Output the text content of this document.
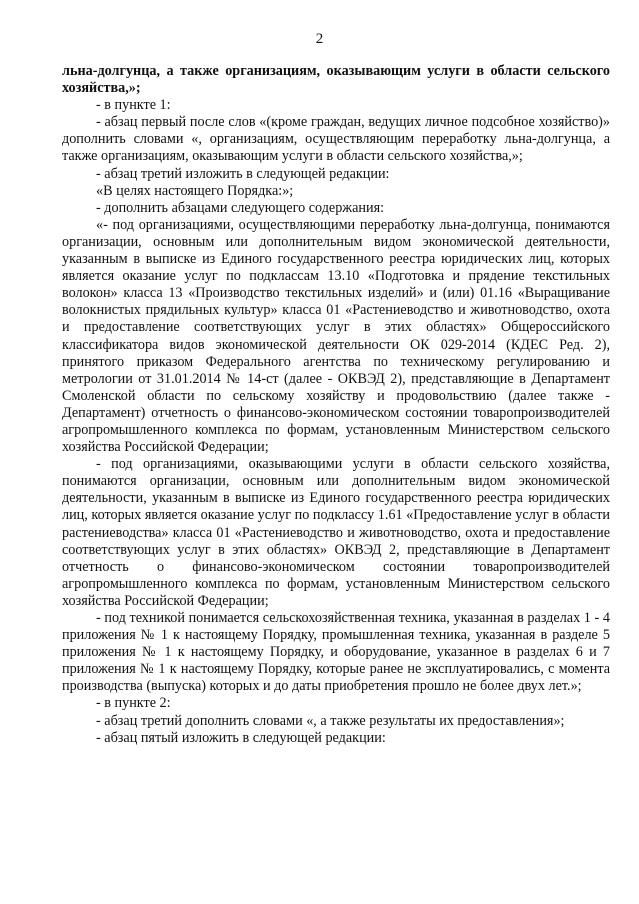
2

льна-долгунца, а также организациям, оказывающим услуги в области сельского хозяйства,»;

- в пункте 1:

- абзац первый после слов «(кроме граждан, ведущих личное подсобное хозяйство)» дополнить словами «, организациям, осуществляющим переработку льна-долгунца, а также организациям, оказывающим услуги в области сельского хозяйства,»;

- абзац третий изложить в следующей редакции:

«В целях настоящего Порядка:»;

- дополнить абзацами следующего содержания:

«- под организациями, осуществляющими переработку льна-долгунца, понимаются организации, основным или дополнительным видом экономической деятельности, указанным в выписке из Единого государственного реестра юридических лиц, которых является оказание услуг по подклассам 13.10 «Подготовка и прядение текстильных волокон» класса 13 «Производство текстильных изделий» и (или) 01.16 «Выращивание волокнистых прядильных культур» класса 01 «Растениеводство и животноводство, охота и предоставление соответствующих услуг в этих областях» Общероссийского классификатора видов экономической деятельности ОК 029-2014 (КДЕС Ред. 2), принятого приказом Федерального агентства по техническому регулированию и метрологии от 31.01.2014 № 14-ст (далее - ОКВЭД 2), представляющие в Департамент Смоленской области по сельскому хозяйству и продовольствию (далее также - Департамент) отчетность о финансово-экономическом состоянии товаропроизводителей агропромышленного комплекса по формам, установленным Министерством сельского хозяйства Российской Федерации;

- под организациями, оказывающими услуги в области сельского хозяйства, понимаются организации, основным или дополнительным видом экономической деятельности, указанным в выписке из Единого государственного реестра юридических лиц, которых является оказание услуг по подклассу 1.61 «Предоставление услуг в области растениеводства» класса 01 «Растениеводство и животноводство, охота и предоставление соответствующих услуг в этих областях» ОКВЭД 2, представляющие в Департамент отчетность о финансово-экономическом состоянии товаропроизводителей агропромышленного комплекса по формам, установленным Министерством сельского хозяйства Российской Федерации;

- под техникой понимается сельскохозяйственная техника, указанная в разделах 1 - 4 приложения № 1 к настоящему Порядку, промышленная техника, указанная в разделе 5 приложения № 1 к настоящему Порядку, и оборудование, указанное в разделах 6 и 7 приложения № 1 к настоящему Порядку, которые ранее не эксплуатировались, с момента производства (выпуска) которых и до даты приобретения прошло не более двух лет.»;

- в пункте 2:

- абзац третий дополнить словами «, а также результаты их предоставления»;

- абзац пятый изложить в следующей редакции:
